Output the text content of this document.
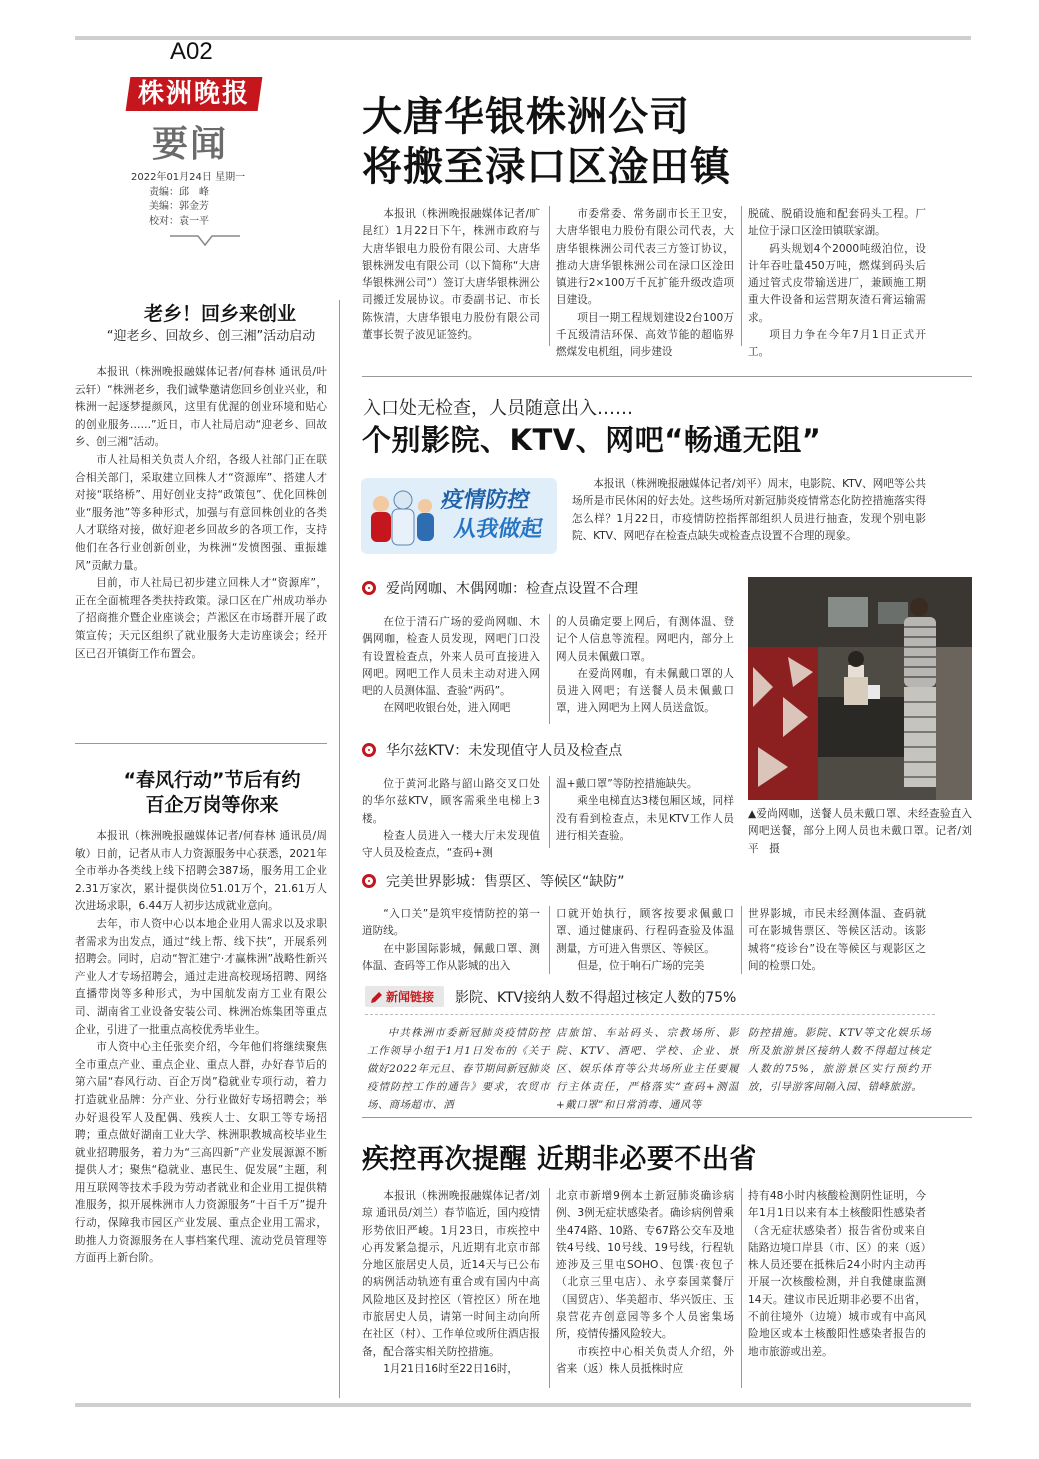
A02
株洲晚报
要闻
2022年01月24日 星期一
责编：邱　峰
美编：郭金芳
校对：袁一平
大唐华银株洲公司
将搬至渌口区淦田镇

本报讯（株洲晚报融媒体记者/旷昆红）1月22日下午，株洲市政府与大唐华银电力股份有限公司、大唐华银株洲发电有限公司（以下简称“大唐华银株洲公司”）签订大唐华银株洲公司搬迁发展协议。市委副书记、市长陈恢清，大唐华银电力股份有限公司董事长贺子波见证签约。

市委常委、常务副市长王卫安，大唐华银电力股份有限公司代表，大唐华银株洲公司代表三方签订协议，推动大唐华银株洲公司在渌口区淦田镇进行2×100万千瓦扩能升级改造项目建设。

项目一期工程规划建设2台100万千瓦级清洁环保、高效节能的超临界燃煤发电机组，同步建设

脱硫、脱硝设施和配套码头工程。厂址位于渌口区淦田镇联家湖。

码头规划4个2000吨级泊位，设计年吞吐量450万吨，燃煤到码头后通过管式皮带输送进厂，兼顾施工期重大件设备和运营期灰渣石膏运输需求。

项目力争在今年7月1日正式开工。

老乡！回乡来创业
“迎老乡、回故乡、创三湘”活动启动

本报讯（株洲晚报融媒体记者/何春林 通讯员/叶云轩）“株洲老乡，我们诚挚邀请您回乡创业兴业，和株洲一起逐梦提颜风，这里有优渥的创业环境和贴心的创业服务……”近日，市人社局启动“迎老乡、回故乡、创三湘”活动。

市人社局相关负责人介绍，各级人社部门正在联合相关部门，采取建立回株人才“资源库”、搭建人才对接“联络桥”、用好创业支持“政策包”、优化回株创业“服务池”等多种形式，加强与有意回株创业的各类人才联络对接，做好迎老乡回故乡的各项工作，支持他们在各行业创新创业，为株洲“发愤图强、重振雄风”贡献力量。

目前，市人社局已初步建立回株人才“资源库”，正在全面梳理各类扶持政策。渌口区在广州成功举办了招商推介暨企业座谈会；芦淞区在市场群开展了政策宣传；天元区组织了就业服务大走访座谈会；经开区已召开镇街工作布置会。

“春风行动”节后有约
百企万岗等你来

本报讯（株洲晚报融媒体记者/何春林 通讯员/周敏）日前，记者从市人力资源服务中心获悉，2021年全市举办各类线上线下招聘会387场，服务用工企业2.31万家次，累计提供岗位51.01万个，21.61万人次进场求职，6.44万人初步达成就业意向。

去年，市人资中心以本地企业用人需求以及求职者需求为出发点，通过“线上帮、线下扶”，开展系列招聘会。同时，启动“智汇建宁·才赢株洲”战略性新兴产业人才专场招聘会，通过走进高校现场招聘、网络直播带岗等多种形式，为中国航发南方工业有限公司、湖南省工业设备安装公司、株洲冶炼集团等重点企业，引进了一批重点高校优秀毕业生。

市人资中心主任张奕介绍，今年他们将继续聚焦全市重点产业、重点企业、重点人群，办好春节后的第六届“春风行动、百企万岗”稳就业专项行动，着力打造就业品牌：分产业、分行业做好专场招聘会；举办好退役军人及配偶、残疾人士、女职工等专场招聘；重点做好湖南工业大学、株洲职教城高校毕业生就业招聘服务，着力为“三高四新”产业发展源源不断提供人才；聚焦“稳就业、惠民生、促发展”主题，利用互联网等技术手段为劳动者就业和企业用工提供精准服务，拟开展株洲市人力资源服务“十百千万”提升行动，保障我市园区产业发展、重点企业用工需求，助推人力资源服务在人事档案代理、流动党员管理等方面再上新台阶。

入口处无检查，人员随意出入……
个别影院、KTV、网吧“畅通无阻”
疫情防控
从我做起

本报讯（株洲晚报融媒体记者/刘平）周末，电影院、KTV、网吧等公共场所是市民休闲的好去处。这些场所对新冠肺炎疫情常态化防控措施落实得怎么样？1月22日，市疫情防控指挥部组织人员进行抽查，发现个别电影院、KTV、网吧存在检查点缺失或检查点设置不合理的现象。

爱尚网咖、木偶网咖：检查点设置不合理

在位于清石广场的爱尚网咖、木偶网咖，检查人员发现，网吧门口没有设置检查点，外来人员可直接进入网吧。网吧工作人员未主动对进入网吧的人员测体温、查验“两码”。

在网吧收银台处，进入网吧

的人员确定要上网后，有测体温、登记个人信息等流程。网吧内，部分上网人员未佩戴口罩。

在爱尚网咖，有未佩戴口罩的人员进入网吧；有送餐人员未佩戴口罩，进入网吧为上网人员送盒饭。

▲爱尚网咖，送餐人员未戴口罩、未经查验直入网吧送餐，部分上网人员也未戴口罩。记者/刘平　摄
华尔兹KTV：未发现值守人员及检查点

位于黄河北路与韶山路交叉口处的华尔兹KTV，顾客需乘坐电梯上3楼。

检查人员进入一楼大厅未发现值守人员及检查点，“查码+测

温+戴口罩”等防控措施缺失。

乘坐电梯直达3楼包厢区域，同样没有看到检查点，未见KTV工作人员进行相关查验。

完美世界影城：售票区、等候区“缺防”

“入口关”是筑牢疫情防控的第一道防线。

在中影国际影城，佩戴口罩、测体温、查码等工作从影城的出入

口就开始执行，顾客按要求佩戴口罩、通过健康码、行程码查验及体温测量，方可进入售票区、等候区。

但是，位于响石广场的完美

世界影城，市民未经测体温、查码就可在影城售票区、等候区活动。该影城将“疫诊台”设在等候区与观影区之间的检票口处。

新闻链接 影院、KTV接纳人数不得超过核定人数的75%

中共株洲市委新冠肺炎疫情防控工作领导小组于1月1日发布的《关于做好2022年元旦、春节期间新冠肺炎疫情防控工作的通告》要求，农贸市场、商场超市、酒

店旅馆、车站码头、宗教场所、影院、KTV、酒吧、学校、企业、景区、娱乐体育等公共场所业主任要履行主体责任，严格落实“查码+测温+戴口罩”和日常消毒、通风等

防控措施。影院、KTV等文化娱乐场所及旅游景区接纳人数不得超过核定人数的75%，旅游景区实行预约开放，引导游客间隔入园、错峰旅游。

疾控再次提醒 近期非必要不出省

本报讯（株洲晚报融媒体记者/刘琼 通讯员/刘兰）春节临近，国内疫情形势依旧严峻。1月23日，市疾控中心再发紧急提示，凡近期有北京市部分地区旅居史人员，近14天与已公布的病例活动轨迹有重合或有国内中高风险地区及封控区（管控区）所在地市旅居史人员，请第一时间主动向所在社区（村）、工作单位或所住酒店报备，配合落实相关防控措施。

1月21日16时至22日16时，

北京市新增9例本土新冠肺炎确诊病例、3例无症状感染者。确诊病例曾乘坐474路、10路、专67路公交车及地铁4号线、10号线、19号线，行程轨迹涉及三里屯SOHO、包馔·夜包子（北京三里屯店）、永亨泰国菜餐厅（国贸店）、华美超市、华兴饭庄、玉泉营花卉创意园等多个人员密集场所，疫情传播风险较大。

市疾控中心相关负责人介绍，外省来（返）株人员抵株时应

持有48小时内核酸检测阴性证明，今年1月1日以来有本土核酸阳性感染者（含无症状感染者）报告省份或来自陆路边境口岸县（市、区）的来（返）株人员还要在抵株后24小时内主动再开展一次核酸检测，并自我健康监测14天。建议市民近期非必要不出省，不前往境外（边境）城市或有中高风险地区或本土核酸阳性感染者报告的地市旅游或出差。
